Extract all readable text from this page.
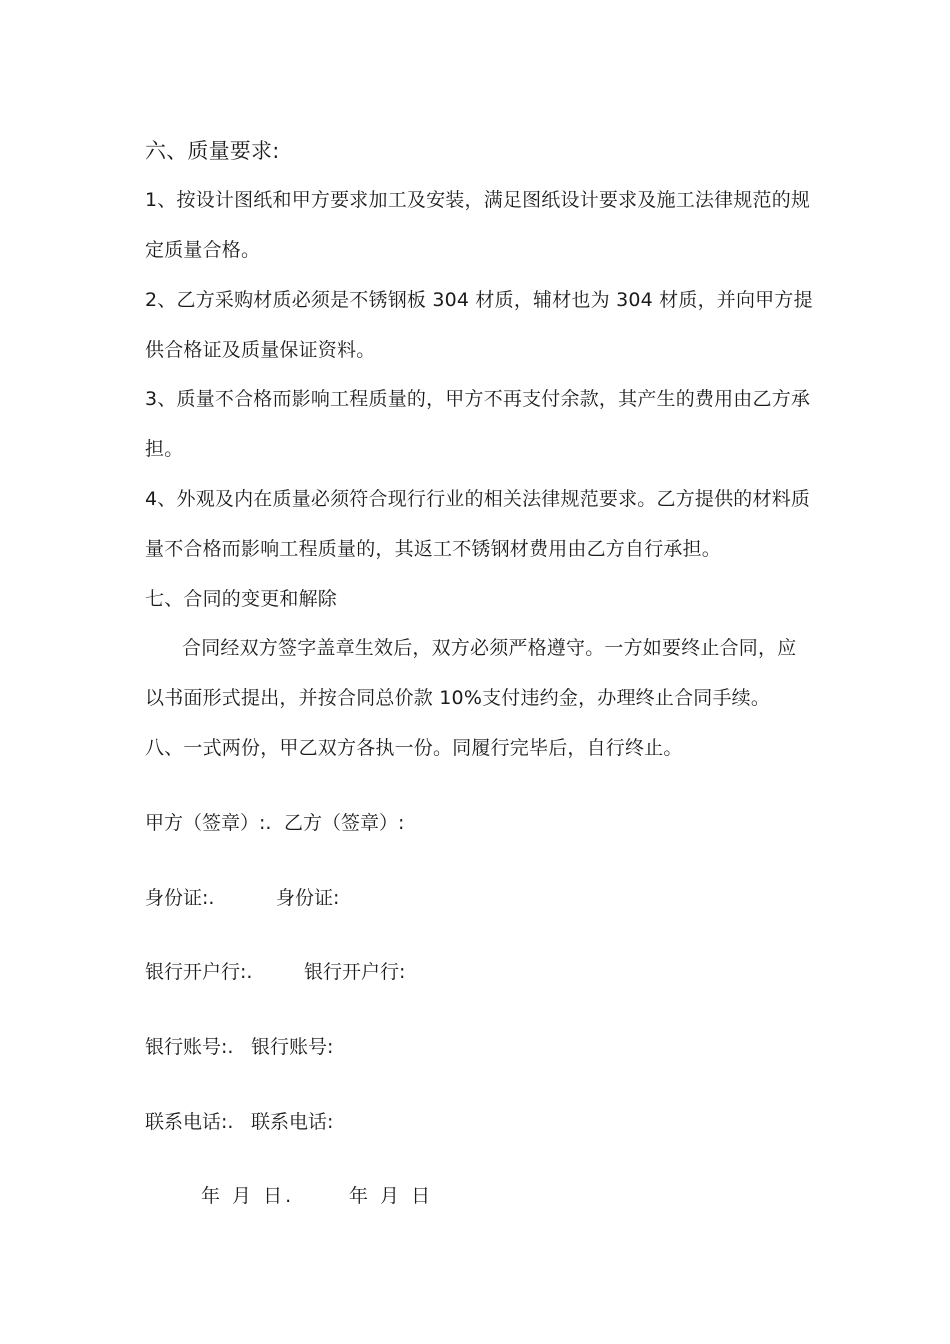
六、质量要求:
1、按设计图纸和甲方要求加工及安装，满足图纸设计要求及施工法律规范的规
定质量合格。
2、乙方采购材质必须是不锈钢板 304 材质，辅材也为 304 材质，并向甲方提
供合格证及质量保证资料。
3、质量不合格而影响工程质量的，甲方不再支付余款，其产生的费用由乙方承
担。
4、外观及内在质量必须符合现行行业的相关法律规范要求。乙方提供的材料质
量不合格而影响工程质量的，其返工不锈钢材费用由乙方自行承担。
七、合同的变更和解除
合同经双方签字盖章生效后，双方必须严格遵守。一方如要终止合同，应
以书面形式提出，并按合同总价款 10%支付违约金，办理终止合同手续。
八、一式两份，甲乙双方各执一份。同履行完毕后，自行终止。
甲方（签章）:. 乙方（签章）:
身份证:.	身份证:
银行开户行:.	银行开户行:
银行账号:. 银行账号:
联系电话:. 联系电话:
年 月 日.	年 月 日
